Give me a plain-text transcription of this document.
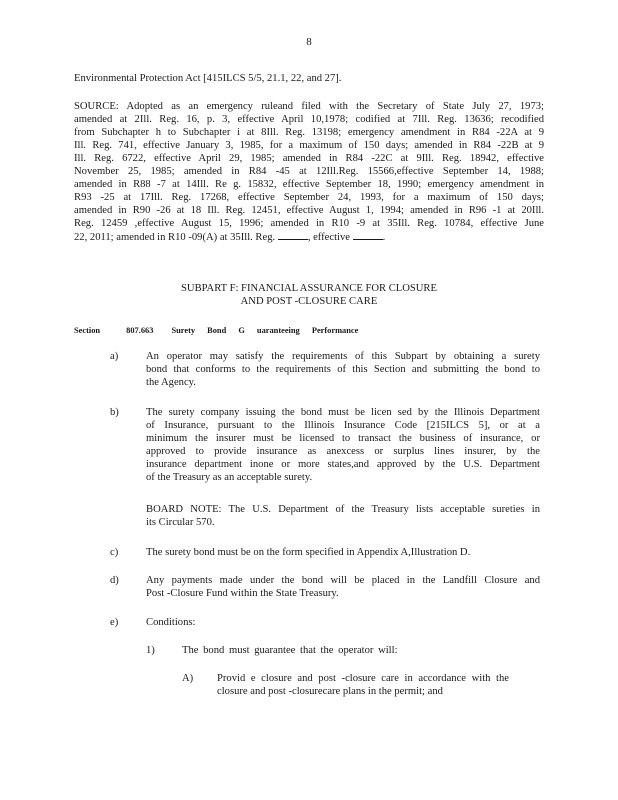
8
Environmental Protection Act [415ILCS 5/5, 21.1, 22, and 27].
SOURCE: Adopted as an emergency ruleand filed with the Secretary of State July 27, 1973;
amended at 2Ill. Reg. 16, p. 3, effective April 10,1978; codified at 7Ill. Reg. 13636; recodified
from Subchapter h to Subchapter i at 8Ill. Reg. 13198; emergency amendment in R84 -22A at 9
Ill. Reg. 741, effective January 3, 1985, for a maximum of 150 days; amended in R84 -22B at 9
Ill. Reg. 6722, effective April 29, 1985; amended in R84 -22C at 9Ill. Reg. 18942, effective
November 25, 1985; amended in R84 -45 at 12Ill.Reg. 15566,effective September 14, 1988;
amended in R88 -7 at 14Ill. Re g. 15832, effective September 18, 1990; emergency amendment in
R93 -25 at 17Ill. Reg. 17268, effective September 24, 1993, for a maximum of 150 days;
amended in R90 -26 at 18 Ill. Reg. 12451, effective August 1, 1994; amended in R96 -1 at 20Ill.
Reg. 12459 ,effective August 15, 1996; amended in R10 -9 at 35Ill. Reg. 10784, effective June
22, 2011; amended in R10 -09(A) at 35Ill. Reg.	, effective	.
SUBPART F: FINANCIAL ASSURANCE FOR CLOSURE
AND POST -CLOSURE CARE
Section	807.663 Surety Bond G uaranteeing Performance
a)	An operator may satisfy the requirements of this Subpart by obtaining a surety
bond that conforms to the requirements of this Section and submitting the bond to
the Agency.
b)	The surety company issuing the bond must be licen sed by the Illinois Department
of Insurance, pursuant to the Illinois Insurance Code [215ILCS 5], or at a
minimum the insurer must be licensed to transact the business of insurance, or
approved to provide insurance as anexcess or surplus lines insurer, by the
insurance department inone or more states,and approved by the U.S. Department
of the Treasury as an acceptable surety.
BOARD NOTE: The U.S. Department of the Treasury lists acceptable sureties in
its Circular 570.
c)	The surety bond must be on the form specified in Appendix A,Illustration D.
d)	Any payments made under the bond will be placed in the Landfill Closure and
Post -Closure Fund within the State Treasury.
e)	Conditions:
1)	The bond must guarantee that the operator will:
A) Provid e closure and post -closure care in accordance with the
closure and post -closurecare plans in the permit; and
